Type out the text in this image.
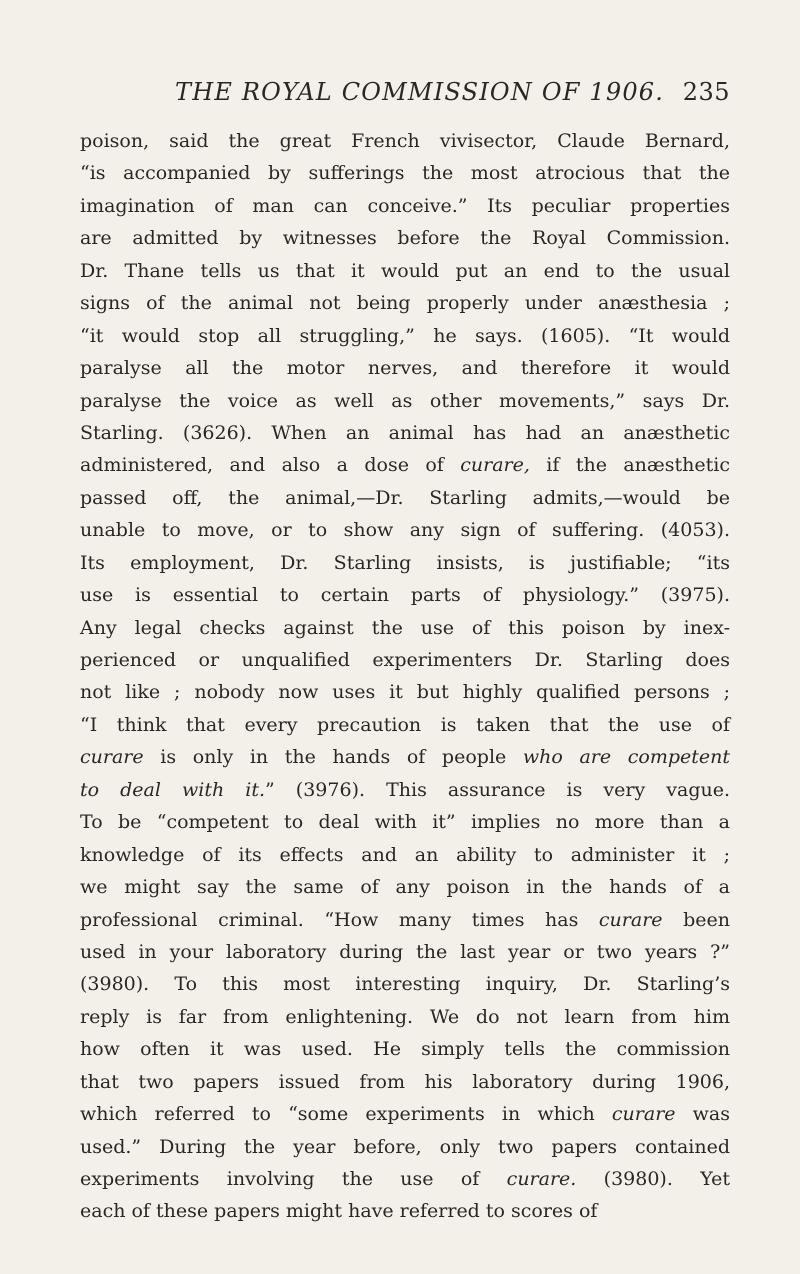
THE ROYAL COMMISSION OF 1906. 235
poison, said the great French vivisector, Claude Bernard,
“is accompanied by sufferings the most atrocious that the
imagination of man can conceive.” Its peculiar properties
are admitted by witnesses before the Royal Commission.
Dr. Thane tells us that it would put an end to the usual
signs of the animal not being properly under anæsthesia ;
“it would stop all struggling,” he says. (1605). “It would
paralyse all the motor nerves, and therefore it would
paralyse the voice as well as other movements,” says Dr.
Starling. (3626). When an animal has had an anæsthetic
administered, and also a dose of curare, if the anæsthetic
passed off, the animal,—Dr. Starling admits,—would be
unable to move, or to show any sign of suffering. (4053).
Its employment, Dr. Starling insists, is justifiable; “its
use is essential to certain parts of physiology.” (3975).
Any legal checks against the use of this poison by inex-
perienced or unqualified experimenters Dr. Starling does
not like ; nobody now uses it but highly qualified persons ;
“I think that every precaution is taken that the use of
curare is only in the hands of people who are competent
to deal with it.” (3976). This assurance is very vague.
To be “competent to deal with it” implies no more than a
knowledge of its effects and an ability to administer it ;
we might say the same of any poison in the hands of a
professional criminal. “How many times has curare been
used in your laboratory during the last year or two years ?”
(3980). To this most interesting inquiry, Dr. Starling’s
reply is far from enlightening. We do not learn from him
how often it was used. He simply tells the commission
that two papers issued from his laboratory during 1906,
which referred to “some experiments in which curare was
used.” During the year before, only two papers contained
experiments involving the use of curare. (3980). Yet
each of these papers might have referred to scores of
